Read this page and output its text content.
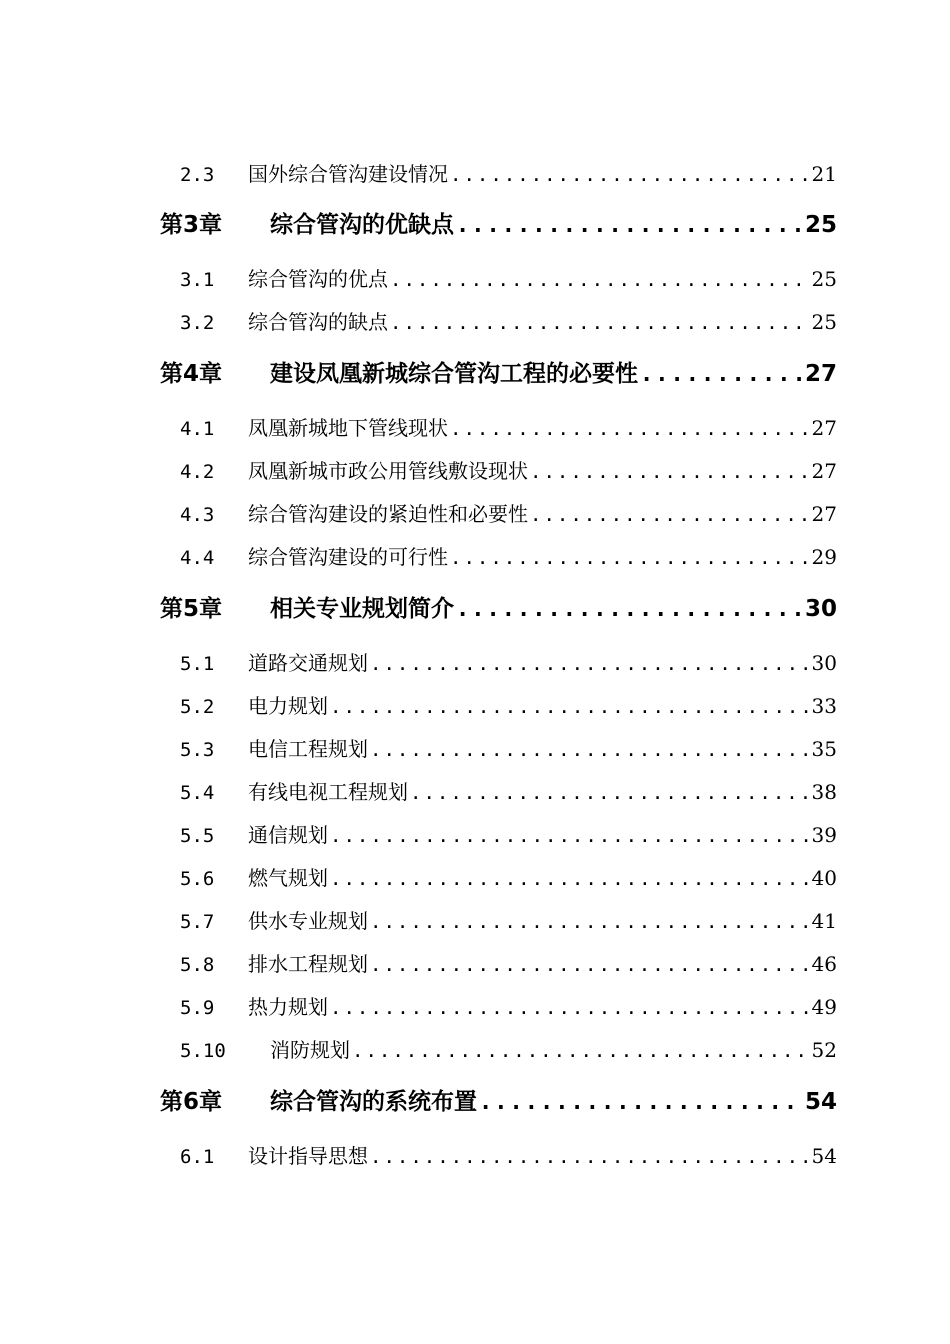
2.3	国外综合管沟建设情况 .....	21
第3章	综合管沟的优缺点 .....	25
3.1	综合管沟的优点 .....	25
3.2	综合管沟的缺点 .....	25
第4章	建设凤凰新城综合管沟工程的必要性 .....	27
4.1	凤凰新城地下管线现状 .....	27
4.2	凤凰新城市政公用管线敷设现状 .....	27
4.3	综合管沟建设的紧迫性和必要性 .....	27
4.4	综合管沟建设的可行性 .....	29
第5章	相关专业规划简介 .....	30
5.1	道路交通规划 .....	30
5.2	电力规划 .....	33
5.3	电信工程规划 .....	35
5.4	有线电视工程规划 .....	38
5.5	通信规划 .....	39
5.6	燃气规划 .....	40
5.7	供水专业规划 .....	41
5.8	排水工程规划 .....	46
5.9	热力规划 .....	49
5.10	消防规划 .....	52
第6章	综合管沟的系统布置 .....	54
6.1	设计指导思想 .....	54
